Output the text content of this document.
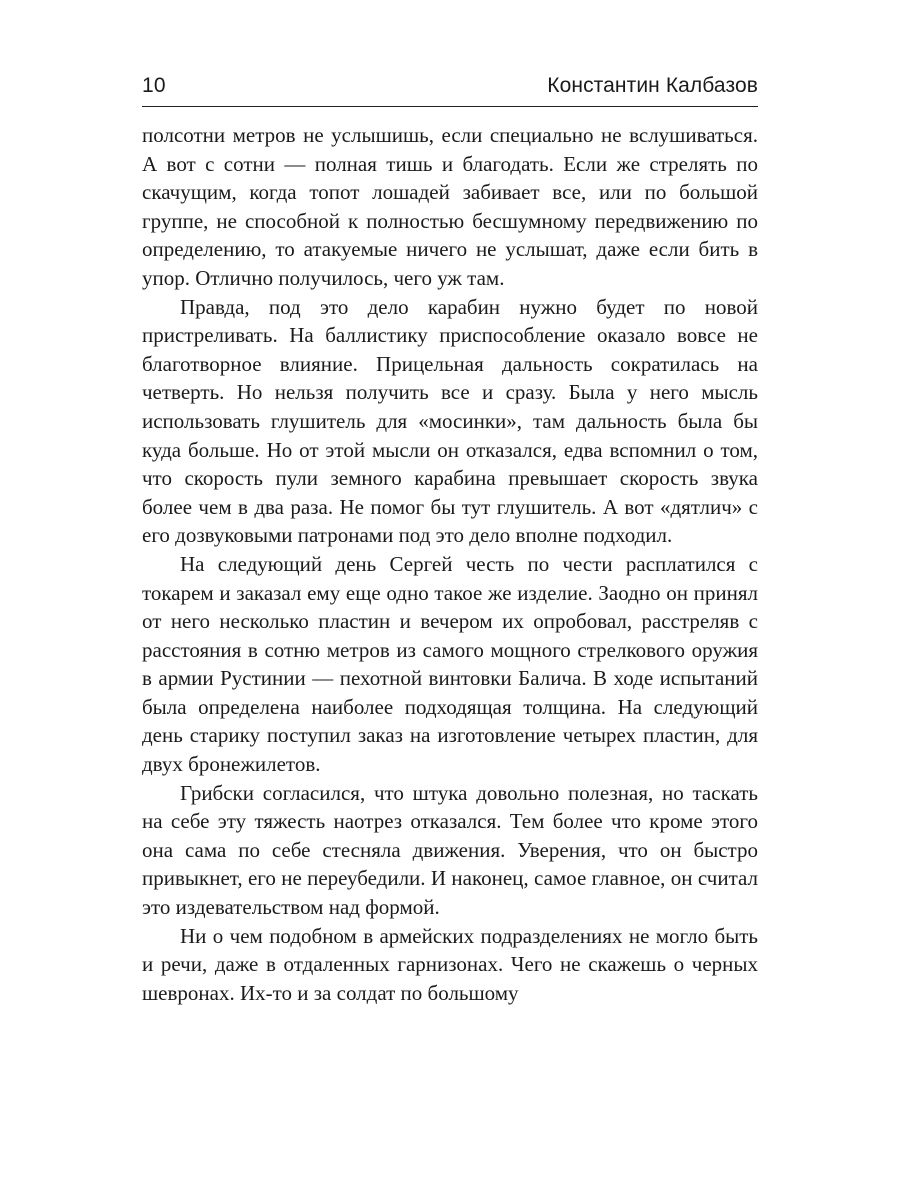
10	Константин Калбазов

полсотни метров не услышишь, если специально не вслушиваться. А вот с сотни — полная тишь и благодать. Если же стрелять по скачущим, когда топот лошадей забивает все, или по большой группе, не способной к полностью бесшумному передвижению по определению, то атакуемые ничего не услышат, даже если бить в упор. Отлично получилось, чего уж там.

Правда, под это дело карабин нужно будет по новой пристреливать. На баллистику приспособление оказало вовсе не благотворное влияние. Прицельная дальность сократилась на четверть. Но нельзя получить все и сразу. Была у него мысль использовать глушитель для «мосинки», там дальность была бы куда больше. Но от этой мысли он отказался, едва вспомнил о том, что скорость пули земного карабина превышает скорость звука более чем в два раза. Не помог бы тут глушитель. А вот «дятлич» с его дозвуковыми патронами под это дело вполне подходил.

На следующий день Сергей честь по чести расплатился с токарем и заказал ему еще одно такое же изделие. Заодно он принял от него несколько пластин и вечером их опробовал, расстреляв с расстояния в сотню метров из самого мощного стрелкового оружия в армии Рустинии — пехотной винтовки Балича. В ходе испытаний была определена наиболее подходящая толщина. На следующий день старику поступил заказ на изготовление четырех пластин, для двух бронежилетов.

Грибски согласился, что штука довольно полезная, но таскать на себе эту тяжесть наотрез отказался. Тем более что кроме этого она сама по себе стесняла движения. Уверения, что он быстро привыкнет, его не переубедили. И наконец, самое главное, он считал это издевательством над формой.

Ни о чем подобном в армейских подразделениях не могло быть и речи, даже в отдаленных гарнизонах. Чего не скажешь о черных шевронах. Их-то и за солдат по большому
